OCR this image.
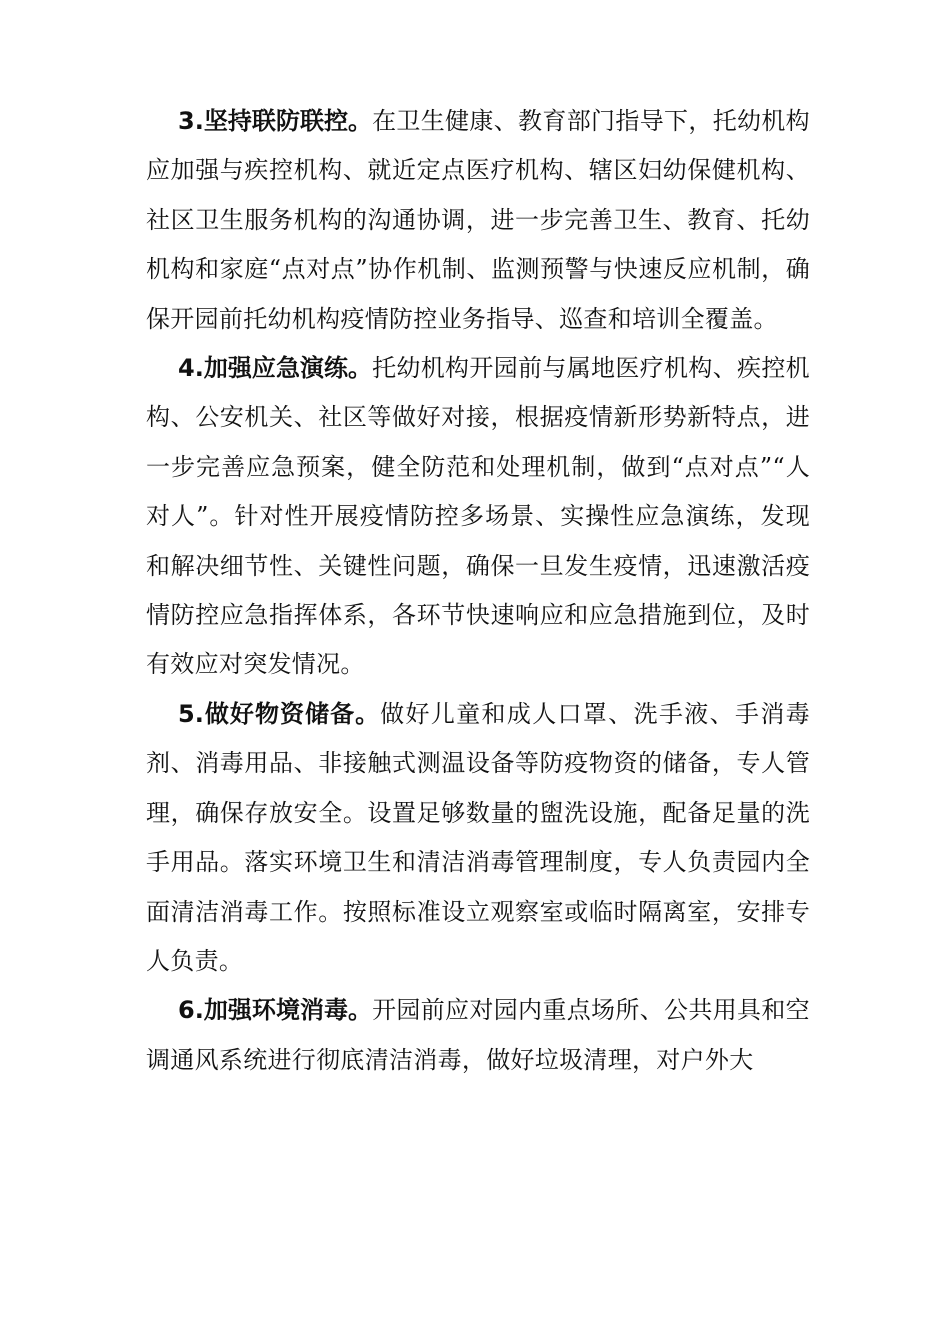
3.坚持联防联控。在卫生健康、教育部门指导下，托幼机构应加强与疾控机构、就近定点医疗机构、辖区妇幼保健机构、社区卫生服务机构的沟通协调，进一步完善卫生、教育、托幼机构和家庭“点对点”协作机制、监测预警与快速反应机制，确保开园前托幼机构疫情防控业务指导、巡查和培训全覆盖。

4.加强应急演练。托幼机构开园前与属地医疗机构、疾控机构、公安机关、社区等做好对接，根据疫情新形势新特点，进一步完善应急预案，健全防范和处理机制，做到“点对点”“人对人”。针对性开展疫情防控多场景、实操性应急演练，发现和解决细节性、关键性问题，确保一旦发生疫情，迅速激活疫情防控应急指挥体系，各环节快速响应和应急措施到位，及时有效应对突发情况。

5.做好物资储备。做好儿童和成人口罩、洗手液、手消毒剂、消毒用品、非接触式测温设备等防疫物资的储备，专人管理，确保存放安全。设置足够数量的盥洗设施，配备足量的洗手用品。落实环境卫生和清洁消毒管理制度，专人负责园内全面清洁消毒工作。按照标准设立观察室或临时隔离室，安排专人负责。

6.加强环境消毒。开园前应对园内重点场所、公共用具和空调通风系统进行彻底清洁消毒，做好垃圾清理，对户外大
